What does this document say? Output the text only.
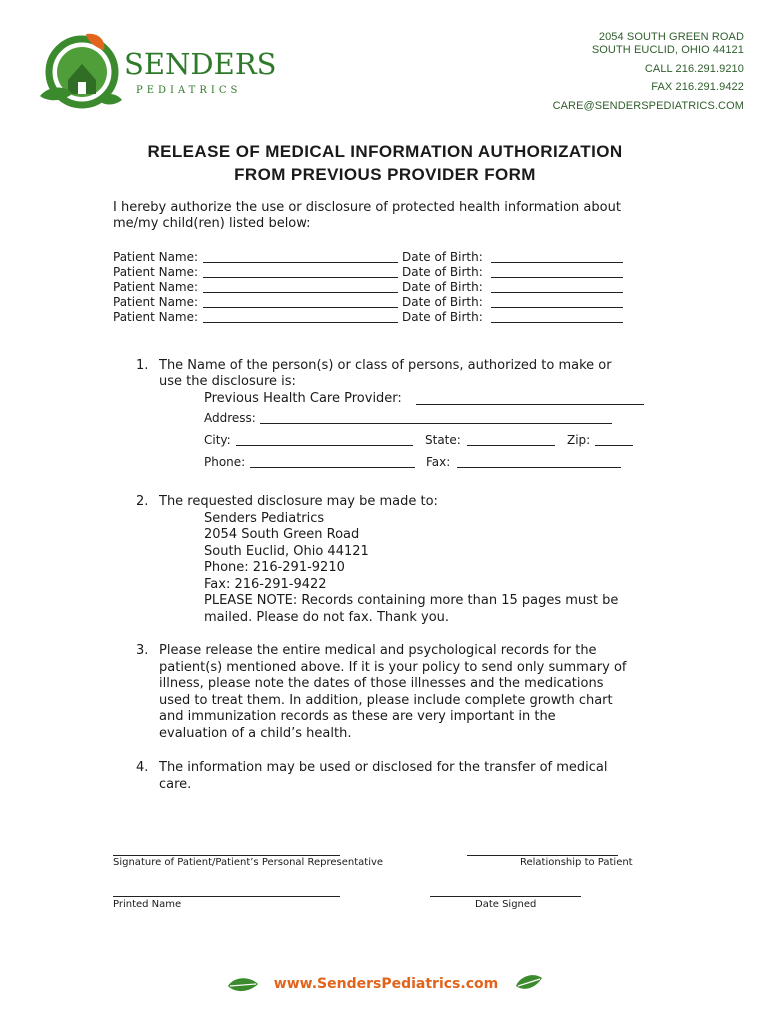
SENDERS
PEDIATRICS
2054 SOUTH GREEN ROAD
SOUTH EUCLID, OHIO 44121
CALL 216.291.9210
FAX 216.291.9422
CARE@SENDERSPEDIATRICS.COM
RELEASE OF MEDICAL INFORMATION AUTHORIZATION
FROM PREVIOUS PROVIDER FORM
I hereby authorize the use or disclosure of protected health information about
me/my child(ren) listed below:
Patient Name:	Date of Birth:
Patient Name:	Date of Birth:
Patient Name:	Date of Birth:
Patient Name:	Date of Birth:
Patient Name:	Date of Birth:
1. The Name of the person(s) or class of persons, authorized to make or
use the disclosure is:
Previous Health Care Provider:
Address:
City:	State:	Zip:
Phone:	Fax:
2. The requested disclosure may be made to:
Senders Pediatrics
2054 South Green Road
South Euclid, Ohio 44121
Phone: 216-291-9210
Fax: 216-291-9422
PLEASE NOTE: Records containing more than 15 pages must be
mailed. Please do not fax. Thank you.
3. Please release the entire medical and psychological records for the
patient(s) mentioned above. If it is your policy to send only summary of
illness, please note the dates of those illnesses and the medications
used to treat them. In addition, please include complete growth chart
and immunization records as these are very important in the
evaluation of a child’s health.
4. The information may be used or disclosed for the transfer of medical
care.
Signature of Patient/Patient’s Personal Representative	Relationship to Patient
Printed Name	Date Signed
www.SendersPediatrics.com
